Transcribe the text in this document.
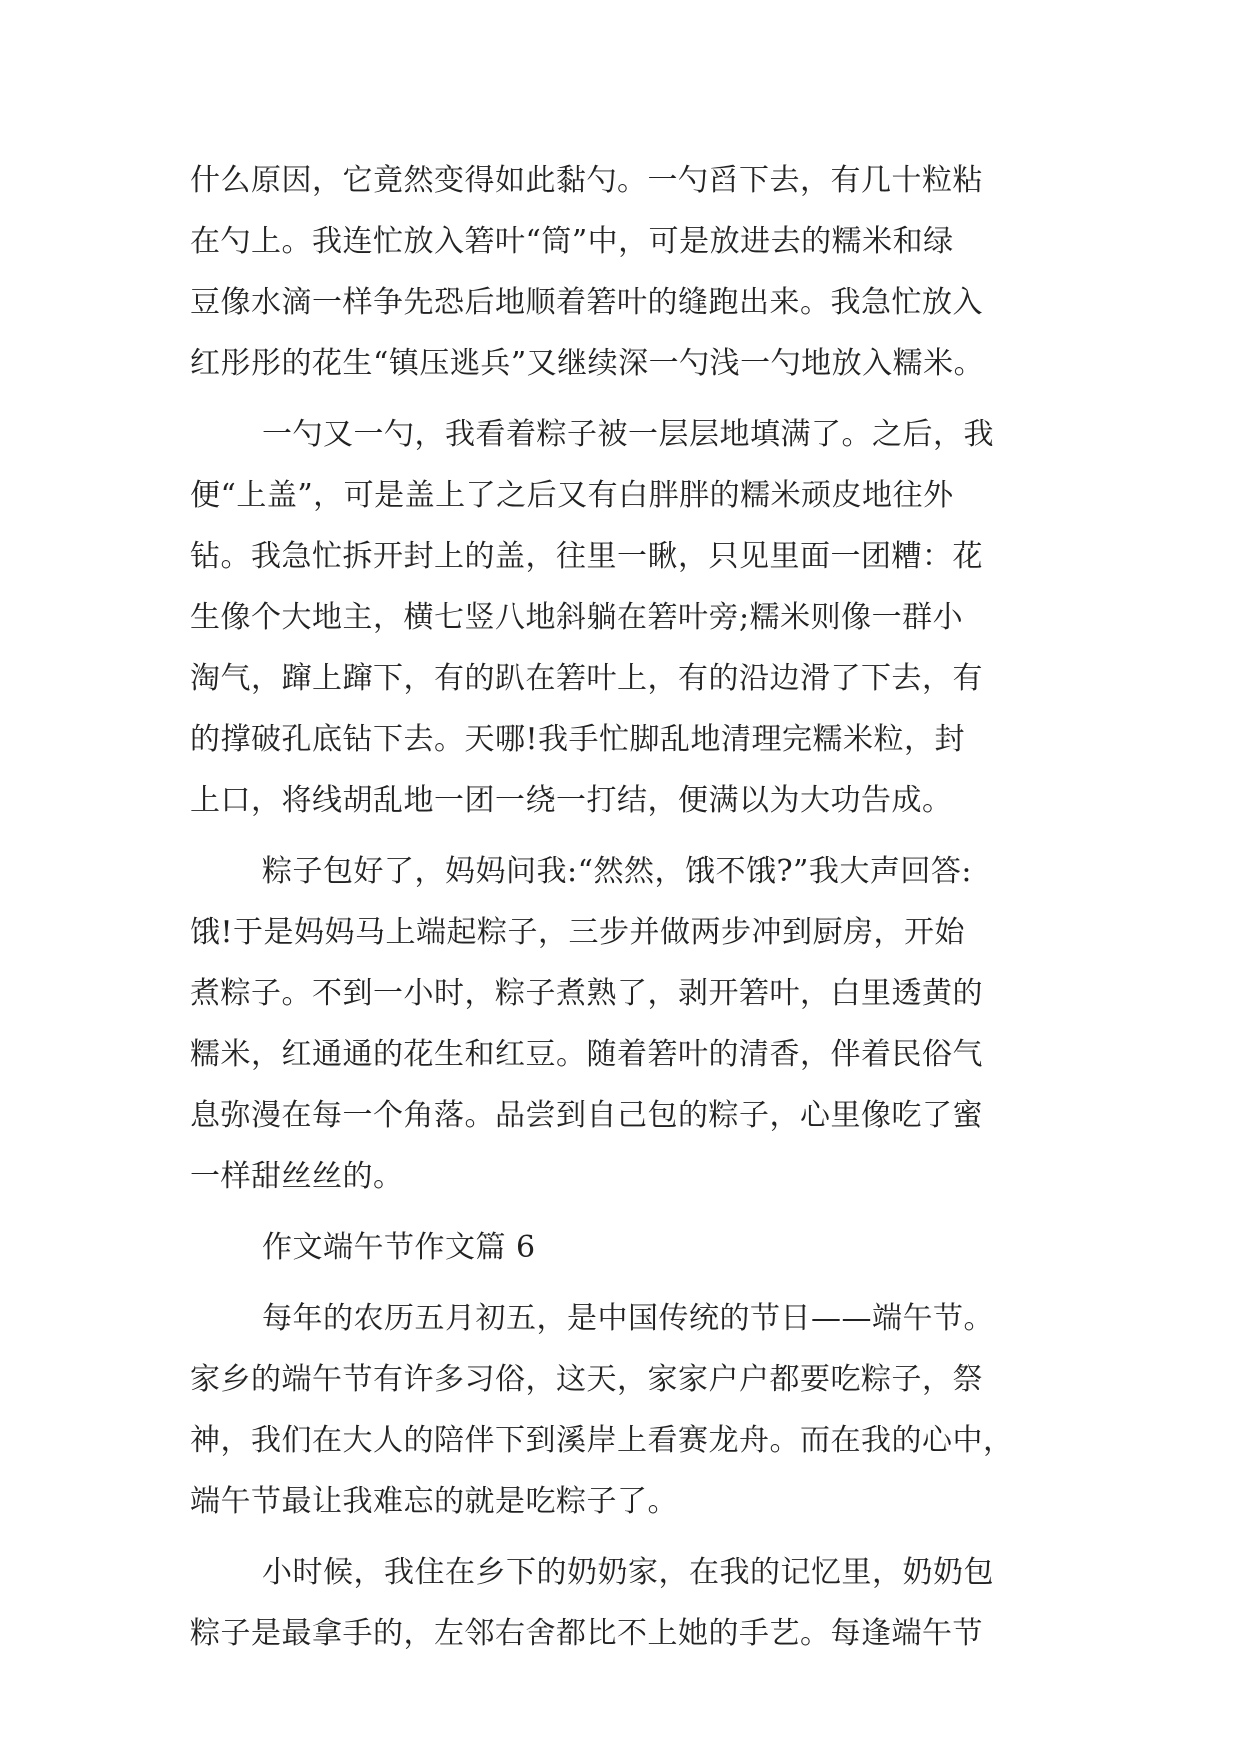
什么原因，它竟然变得如此黏勺。一勺舀下去，有几十粒粘
在勺上。我连忙放入箬叶“筒”中，可是放进去的糯米和绿
豆像水滴一样争先恐后地顺着箬叶的缝跑出来。我急忙放入
红彤彤的花生“镇压逃兵”又继续深一勺浅一勺地放入糯米。
一勺又一勺，我看着粽子被一层层地填满了。之后，我
便“上盖”，可是盖上了之后又有白胖胖的糯米顽皮地往外
钻。我急忙拆开封上的盖，往里一瞅，只见里面一团糟：花
生像个大地主，横七竖八地斜躺在箬叶旁;糯米则像一群小
淘气，蹿上蹿下，有的趴在箬叶上，有的沿边滑了下去，有
的撑破孔底钻下去。天哪!我手忙脚乱地清理完糯米粒，封
上口，将线胡乱地一团一绕一打结，便满以为大功告成。
粽子包好了，妈妈问我:“然然，饿不饿?”我大声回答:
饿!于是妈妈马上端起粽子，三步并做两步冲到厨房，开始
煮粽子。不到一小时，粽子煮熟了，剥开箬叶，白里透黄的
糯米，红通通的花生和红豆。随着箬叶的清香，伴着民俗气
息弥漫在每一个角落。品尝到自己包的粽子，心里像吃了蜜
一样甜丝丝的。
作文端午节作文篇 6
每年的农历五月初五，是中国传统的节日——端午节。
家乡的端午节有许多习俗，这天，家家户户都要吃粽子，祭
神，我们在大人的陪伴下到溪岸上看赛龙舟。而在我的心中，
端午节最让我难忘的就是吃粽子了。
小时候，我住在乡下的奶奶家，在我的记忆里，奶奶包
粽子是最拿手的，左邻右舍都比不上她的手艺。每逢端午节
